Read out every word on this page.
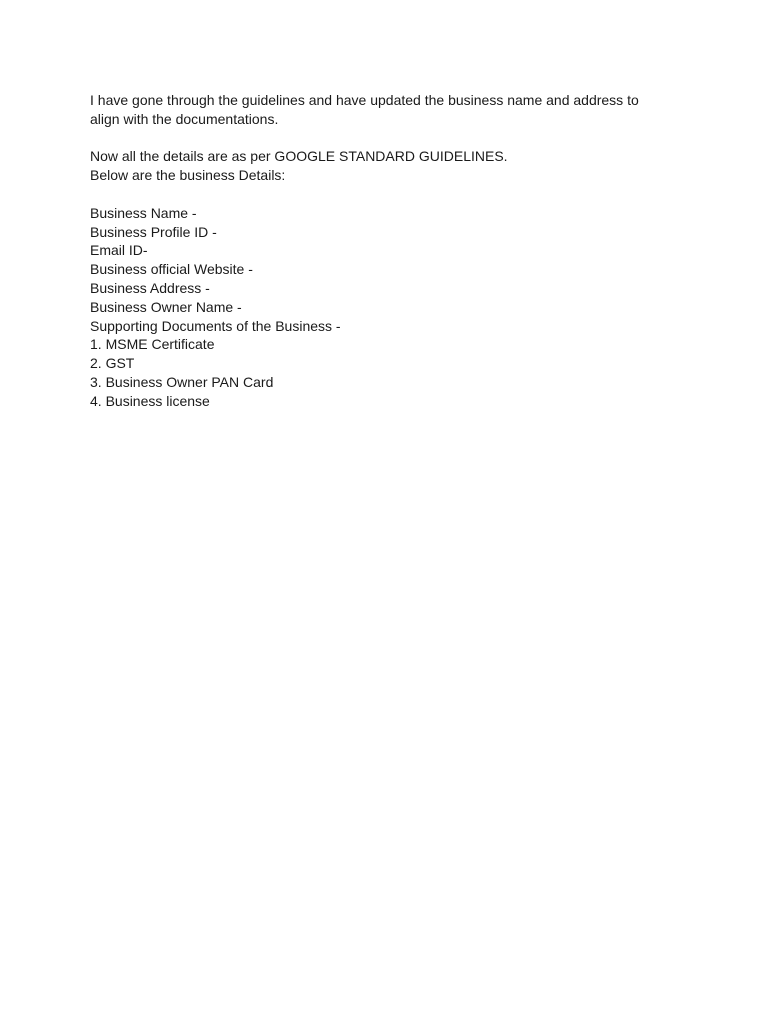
I have gone through the guidelines and have updated the business name and address to
align with the documentations.

Now all the details are as per GOOGLE STANDARD GUIDELINES.
Below are the business Details:

Business Name -
Business Profile ID -
Email ID-
Business official Website -
Business Address -
Business Owner Name -
Supporting Documents of the Business -
1. MSME Certificate
2. GST
3. Business Owner PAN Card
4. Business license
